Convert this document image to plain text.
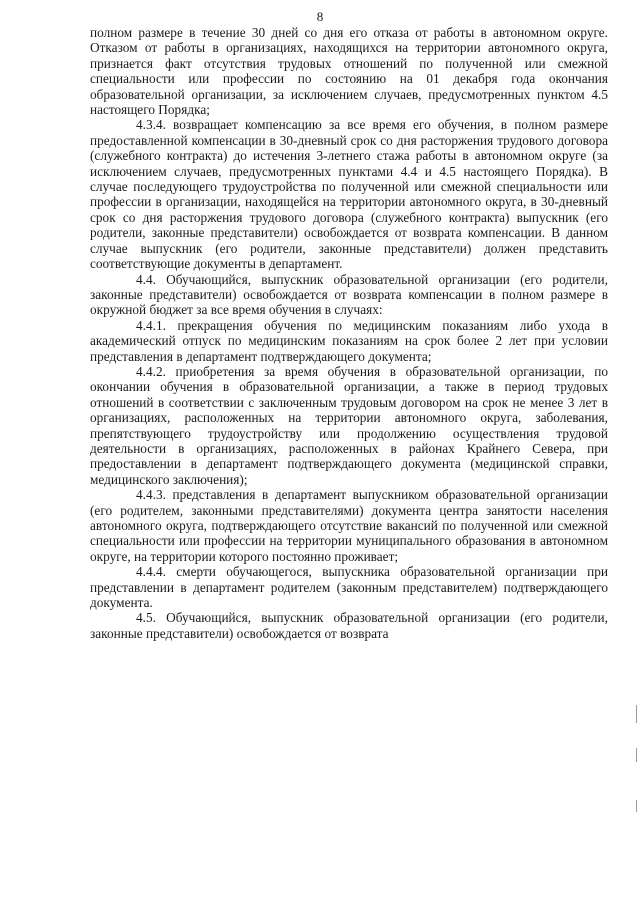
8

полном размере в течение 30 дней со дня его отказа от работы в автономном округе. Отказом от работы в организациях, находящихся на территории автономного округа, признается факт отсутствия трудовых отношений по полученной или смежной специальности или профессии по состоянию на 01 декабря года окончания образовательной организации, за исключением случаев, предусмотренных пунктом 4.5 настоящего Порядка;

4.3.4. возвращает компенсацию за все время его обучения, в полном размере предоставленной компенсации в 30-дневный срок со дня расторжения трудового договора (служебного контракта) до истечения 3-летнего стажа работы в автономном округе (за исключением случаев, предусмотренных пунктами 4.4 и 4.5 настоящего Порядка). В случае последующего трудоустройства по полученной или смежной специальности или профессии в организации, находящейся на территории автономного округа, в 30-дневный срок со дня расторжения трудового договора (служебного контракта) выпускник (его родители, законные представители) освобождается от возврата компенсации. В данном случае выпускник (его родители, законные представители) должен представить соответствующие документы в департамент.

4.4. Обучающийся, выпускник образовательной организации (его родители, законные представители) освобождается от возврата компенсации в полном размере в окружной бюджет за все время обучения в случаях:

4.4.1. прекращения обучения по медицинским показаниям либо ухода в академический отпуск по медицинским показаниям на срок более 2 лет при условии представления в департамент подтверждающего документа;

4.4.2. приобретения за время обучения в образовательной организации, по окончании обучения в образовательной организации, а также в период трудовых отношений в соответствии с заключенным трудовым договором на срок не менее 3 лет в организациях, расположенных на территории автономного округа, заболевания, препятствующего трудоустройству или продолжению осуществления трудовой деятельности в организациях, расположенных в районах Крайнего Севера, при предоставлении в департамент подтверждающего документа (медицинской справки, медицинского заключения);

4.4.3. представления в департамент выпускником образовательной организации (его родителем, законными представителями) документа центра занятости населения автономного округа, подтверждающего отсутствие вакансий по полученной или смежной специальности или профессии на территории муниципального образования в автономном округе, на территории которого постоянно проживает;

4.4.4. смерти обучающегося, выпускника образовательной организации при представлении в департамент родителем (законным представителем) подтверждающего документа.

4.5. Обучающийся, выпускник образовательной организации (его родители, законные представители) освобождается от возврата
